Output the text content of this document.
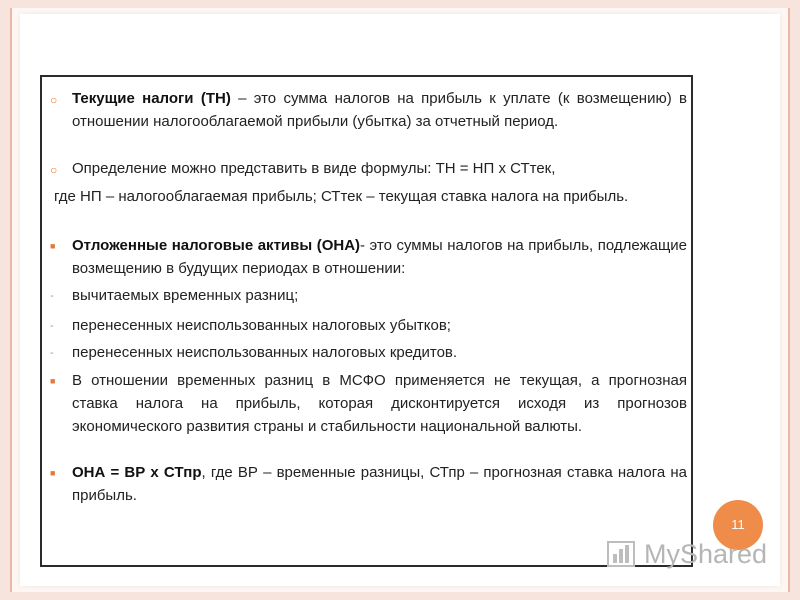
○ Текущие налоги (ТН) – это сумма налогов на прибыль к уплате (к возмещению) в отношении налогооблагаемой прибыли (убытка) за отчетный период.
○ Определение можно представить в виде формулы: ТН = НП х СТтек,
где НП – налогооблагаемая прибыль; СТтек – текущая ставка налога на прибыль.
■ Отложенные налоговые активы (ОНА)- это суммы налогов на прибыль, подлежащие возмещению в будущих периодах в отношении:
- вычитаемых временных разниц;
- перенесенных неиспользованных налоговых убытков;
- перенесенных неиспользованных налоговых кредитов.
■ В отношении временных разниц в МСФО применяется не текущая, а прогнозная ставка налога на прибыль, которая дисконтируется исходя из прогнозов экономического развития страны и стабильности национальной валюты.
■ ОНА = ВР х СТпр, где ВР – временные разницы, СТпр – прогнозная ставка налога на прибыль.
11
MyShared
